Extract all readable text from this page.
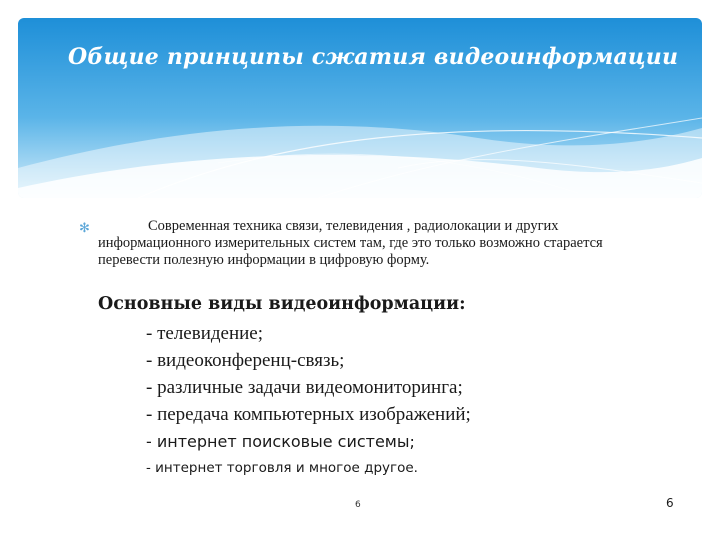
Общие принципы сжатия видеоинформации
✻	Современная техника связи, телевидения , радиолокации и других информационного измерительных систем там, где это только возможно старается перевести полезную информации в цифровую форму.

Основные виды видеоинформации:

- телевидение;
- видеоконференц-связь;
- различные задачи видеомониторинга;
- передача компьютерных изображений;
- интернет поисковые системы;
- интернет торговля и многое другое.
6	6
